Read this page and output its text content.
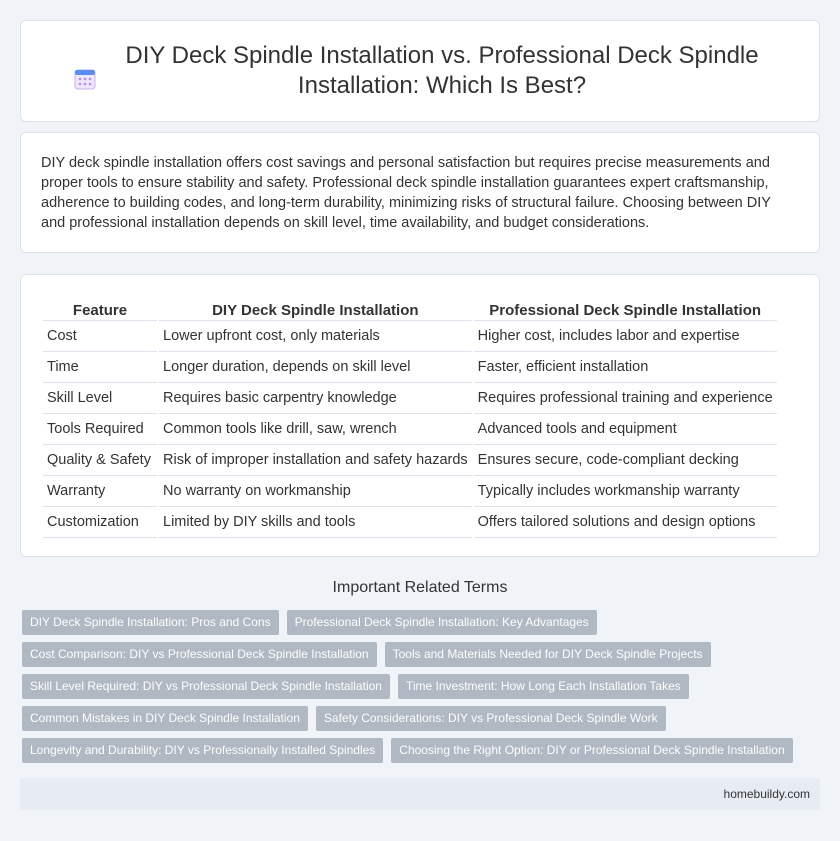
DIY Deck Spindle Installation vs. Professional Deck Spindle Installation: Which Is Best?

DIY deck spindle installation offers cost savings and personal satisfaction but requires precise measurements and proper tools to ensure stability and safety. Professional deck spindle installation guarantees expert craftsmanship, adherence to building codes, and long-term durability, minimizing risks of structural failure. Choosing between DIY and professional installation depends on skill level, time availability, and budget considerations.

Feature	DIY Deck Spindle Installation	Professional Deck Spindle Installation
Cost	Lower upfront cost, only materials	Higher cost, includes labor and expertise
Time	Longer duration, depends on skill level	Faster, efficient installation
Skill Level	Requires basic carpentry knowledge	Requires professional training and experience
Tools Required	Common tools like drill, saw, wrench	Advanced tools and equipment
Quality & Safety	Risk of improper installation and safety hazards	Ensures secure, code-compliant decking
Warranty	No warranty on workmanship	Typically includes workmanship warranty
Customization	Limited by DIY skills and tools	Offers tailored solutions and design options
Important Related Terms
DIY Deck Spindle Installation: Pros and Cons	Professional Deck Spindle Installation: Key Advantages
Cost Comparison: DIY vs Professional Deck Spindle Installation	Tools and Materials Needed for DIY Deck Spindle Projects
Skill Level Required: DIY vs Professional Deck Spindle Installation	Time Investment: How Long Each Installation Takes
Common Mistakes in DIY Deck Spindle Installation	Safety Considerations: DIY vs Professional Deck Spindle Work
Longevity and Durability: DIY vs Professionally Installed Spindles	Choosing the Right Option: DIY or Professional Deck Spindle Installation
homebuildy.com
